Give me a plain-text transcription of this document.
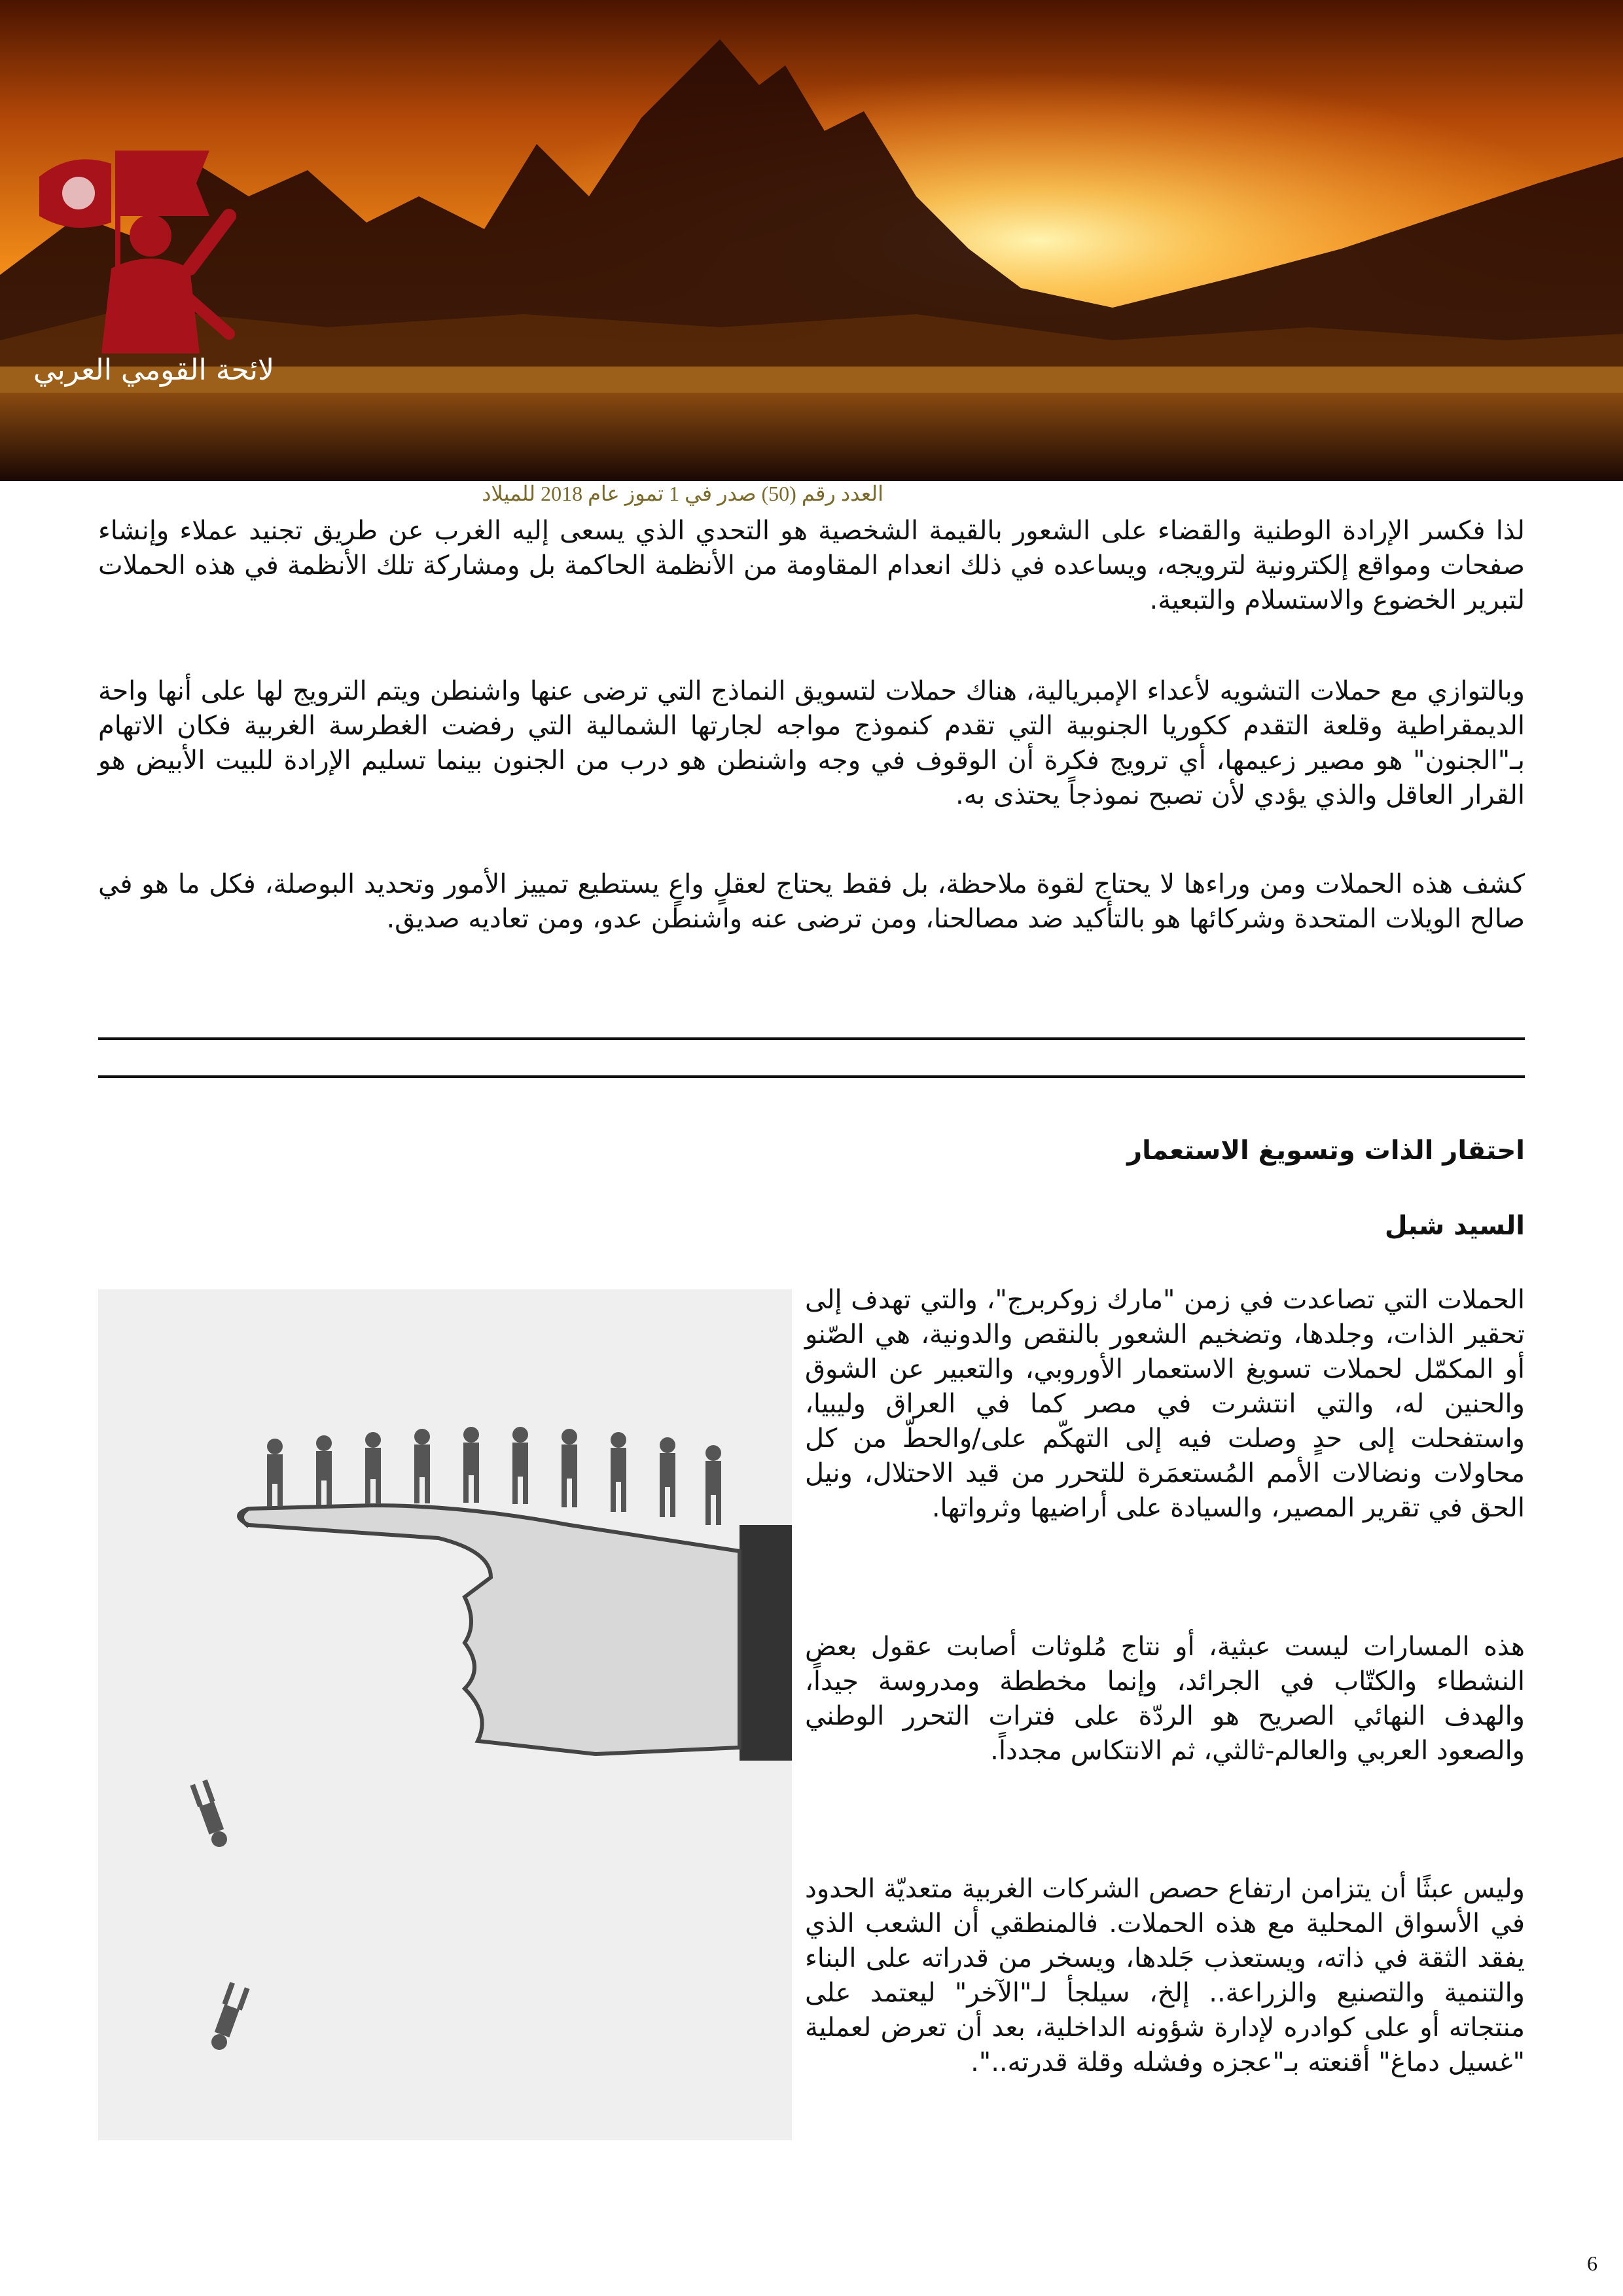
لائحة القومي العربي
العدد رقم (50) صدر في 1 تموز عام 2018 للميلاد

لذا فكسر الإرادة الوطنية والقضاء على الشعور بالقيمة الشخصية هو التحدي الذي يسعى إليه الغرب عن طريق تجنيد عملاء وإنشاء صفحات ومواقع إلكترونية لترويجه، ويساعده في ذلك انعدام المقاومة من الأنظمة الحاكمة بل ومشاركة تلك الأنظمة في هذه الحملات لتبرير الخضوع والاستسلام والتبعية.

وبالتوازي مع حملات التشويه لأعداء الإمبريالية، هناك حملات لتسويق النماذج التي ترضى عنها واشنطن ويتم الترويج لها على أنها واحة الديمقراطية وقلعة التقدم ككوريا الجنوبية التي تقدم كنموذج مواجه لجارتها الشمالية التي رفضت الغطرسة الغربية فكان الاتهام بـ"الجنون" هو مصير زعيمها، أي ترويج فكرة أن الوقوف في وجه واشنطن هو درب من الجنون بينما تسليم الإرادة للبيت الأبيض هو القرار العاقل والذي يؤدي لأن تصبح نموذجاً يحتذى به.

كشف هذه الحملات ومن وراءها لا يحتاج لقوة ملاحظة، بل فقط يحتاج لعقلٍ واعٍ يستطيع تمييز الأمور وتحديد البوصلة، فكل ما هو في صالح الويلات المتحدة وشركائها هو بالتأكيد ضد مصالحنا، ومن ترضى عنه واشنطن عدو، ومن تعاديه صديق.

احتقار الذات وتسويغ الاستعمار
السيد شبل

الحملات التي تصاعدت في زمن "مارك زوكربرج"، والتي تهدف إلى تحقير الذات، وجلدها، وتضخيم الشعور بالنقص والدونية، هي الصّنو أو المكمّل لحملات تسويغ الاستعمار الأوروبي، والتعبير عن الشوق والحنين له، والتي انتشرت في مصر كما في العراق وليبيا، واستفحلت إلى حدٍ وصلت فيه إلى التهكّم على/والحطّ من كل محاولات ونضالات الأمم المُستعمَرة للتحرر من قيد الاحتلال، ونيل الحق في تقرير المصير، والسيادة على أراضيها وثرواتها.

هذه المسارات ليست عبثية، أو نتاج مُلوثات أصابت عقول بعض النشطاء والكتّاب في الجرائد، وإنما مخططة ومدروسة جيداً، والهدف النهائي الصريح هو الردّة على فترات التحرر الوطني والصعود العربي والعالم-ثالثي، ثم الانتكاس مجدداً.

وليس عبثًا أن يتزامن ارتفاع حصص الشركات الغربية متعديّة الحدود في الأسواق المحلية مع هذه الحملات. فالمنطقي أن الشعب الذي يفقد الثقة في ذاته، ويستعذب جَلدها، ويسخر من قدراته على البناء والتنمية والتصنيع والزراعة.. إلخ، سيلجأ لـ"الآخر" ليعتمد على منتجاته أو على كوادره لإدارة شؤونه الداخلية، بعد أن تعرض لعملية "غسيل دماغ" أقنعته بـ"عجزه وفشله وقلة قدرته..".

6
